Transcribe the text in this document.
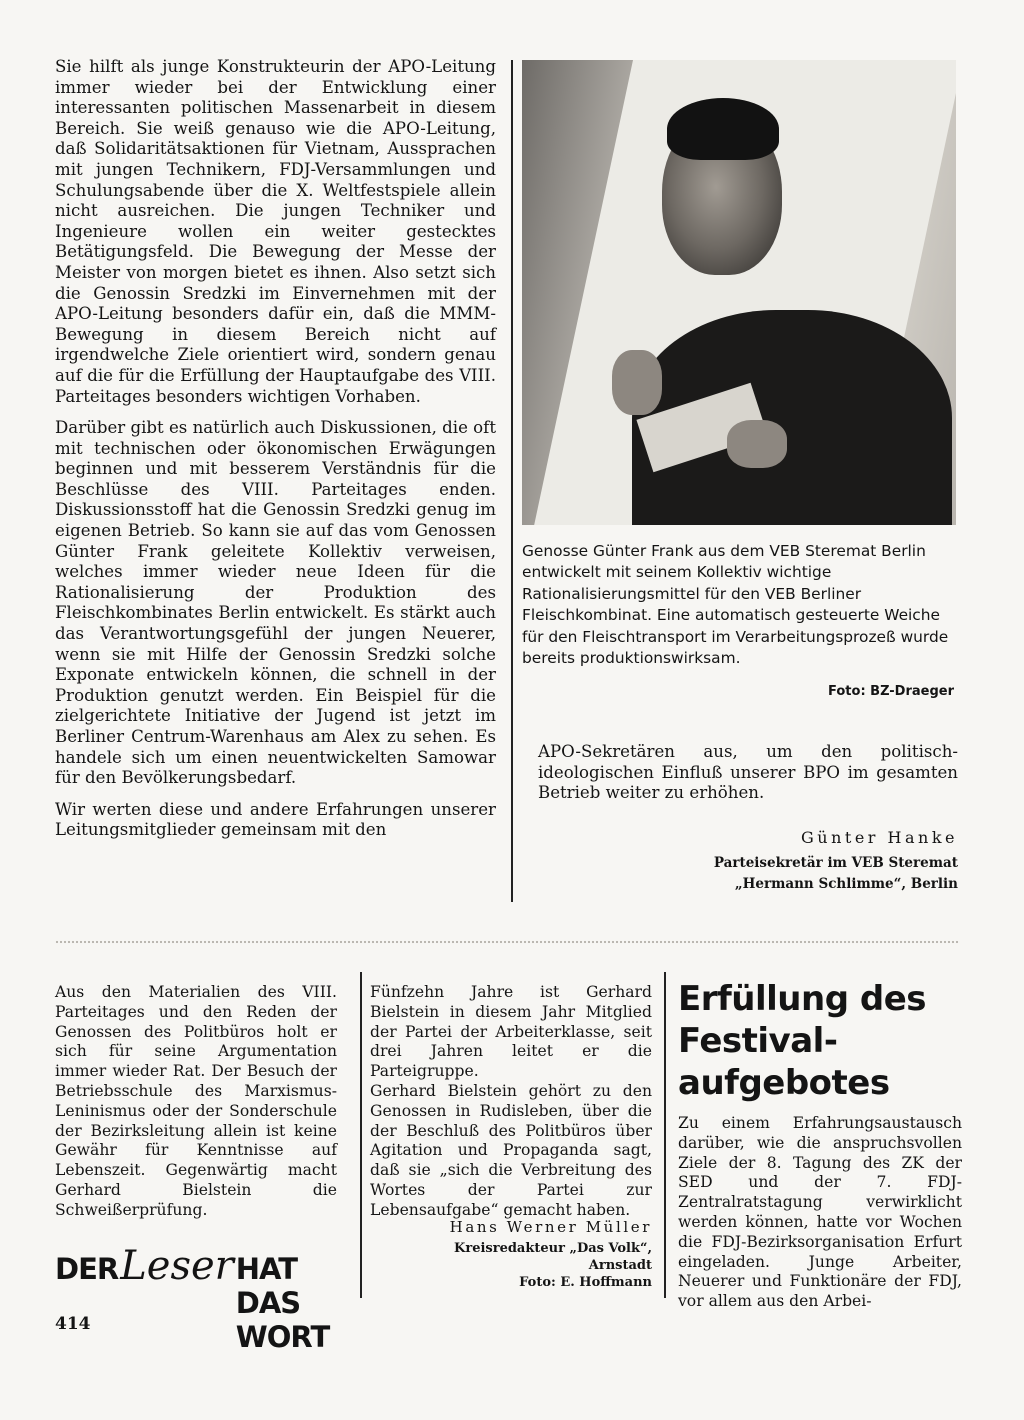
Sie hilft als junge Konstrukteurin der APO-Leitung immer wieder bei der Entwicklung einer interessanten politischen Massenarbeit in diesem Bereich. Sie weiß genauso wie die APO-Leitung, daß Solidaritätsaktionen für Vietnam, Aussprachen mit jungen Technikern, FDJ-Versammlungen und Schulungsabende über die X. Weltfestspiele allein nicht ausreichen. Die jungen Techniker und Ingenieure wollen ein weiter gestecktes Betätigungsfeld. Die Bewegung der Messe der Meister von morgen bietet es ihnen. Also setzt sich die Genossin Sredzki im Einvernehmen mit der APO-Leitung besonders dafür ein, daß die MMM-Bewegung in diesem Bereich nicht auf irgendwelche Ziele orientiert wird, sondern genau auf die für die Erfüllung der Hauptaufgabe des VIII. Parteitages besonders wichtigen Vorhaben.

Darüber gibt es natürlich auch Diskussionen, die oft mit technischen oder ökonomischen Erwägungen beginnen und mit besserem Verständnis für die Beschlüsse des VIII. Parteitages enden. Diskussionsstoff hat die Genossin Sredzki genug im eigenen Betrieb. So kann sie auf das vom Genossen Günter Frank geleitete Kollektiv verweisen, welches immer wieder neue Ideen für die Rationalisierung der Produktion des Fleischkombinates Berlin entwickelt. Es stärkt auch das Verantwortungsgefühl der jungen Neuerer, wenn sie mit Hilfe der Genossin Sredzki solche Exponate entwickeln können, die schnell in der Produktion genutzt werden. Ein Beispiel für die zielgerichtete Initiative der Jugend ist jetzt im Berliner Centrum-Warenhaus am Alex zu sehen. Es handele sich um einen neuentwickelten Samowar für den Bevölkerungsbedarf.

Wir werten diese und andere Erfahrungen unserer Leitungsmitglieder gemeinsam mit den

Genosse Günter Frank aus dem VEB Steremat Berlin entwickelt mit seinem Kollektiv wichtige Rationalisierungsmittel für den VEB Berliner Fleischkombinat. Eine automatisch gesteuerte Weiche für den Fleischtransport im Verarbeitungsprozeß wurde bereits produktionswirksam.

Foto: BZ-Draeger

APO-Sekretären aus, um den politisch-ideologischen Einfluß unserer BPO im gesamten Betrieb weiter zu erhöhen.

Günter Hanke
Parteisekretär im VEB Steremat
„Hermann Schlimme“, Berlin

Aus den Materialien des VIII. Parteitages und den Reden der Genossen des Politbüros holt er sich für seine Argumentation immer wieder Rat. Der Besuch der Betriebsschule des Marxismus-Leninismus oder der Sonderschule der Bezirksleitung allein ist keine Gewähr für Kenntnisse auf Lebenszeit. Gegenwärtig macht Gerhard Bielstein die Schweißerprüfung.

DER Leser HAT DAS WORT
414

Fünfzehn Jahre ist Gerhard Bielstein in diesem Jahr Mitglied der Partei der Arbeiterklasse, seit drei Jahren leitet er die Parteigruppe.

Gerhard Bielstein gehört zu den Genossen in Rudisleben, über die der Beschluß des Politbüros über Agitation und Propaganda sagt, daß sie „sich die Verbreitung des Wortes der Partei zur Lebensaufgabe“ gemacht haben.

Hans Werner Müller
Kreisredakteur „Das Volk“,
Arnstadt
Foto: E. Hoffmann
Erfüllung des
Festival-
aufgebotes

Zu einem Erfahrungsaustausch darüber, wie die anspruchsvollen Ziele der 8. Tagung des ZK der SED und der 7. FDJ-Zentralratstagung verwirklicht werden können, hatte vor Wochen die FDJ-Bezirksorganisation Erfurt eingeladen. Junge Arbeiter, Neuerer und Funktionäre der FDJ, vor allem aus den Arbei-
